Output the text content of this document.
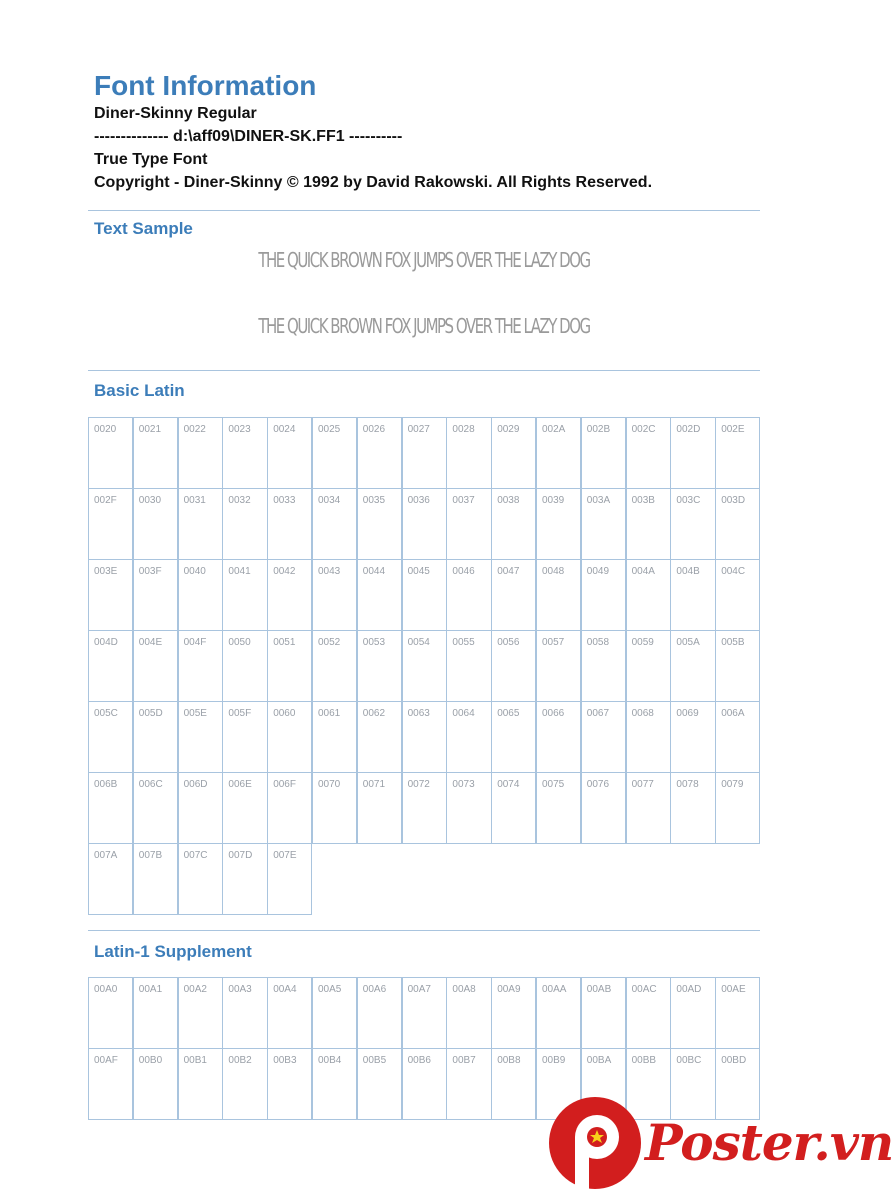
Font Information
Diner-Skinny Regular
-------------- d:\aff09\DINER-SK.FF1 ----------
True Type Font
Copyright - Diner-Skinny © 1992 by David Rakowski. All Rights Reserved.
Text Sample
THE QUICK BROWN FOX JUMPS OVER THE LAZY DOG
THE QUICK BROWN FOX JUMPS OVER THE LAZY DOG
Basic Latin
0020 0021 0022 0023 0024 0025 0026 0027 0028 0029 002A 002B 002C 002D 002E
002F 0030 0031 0032 0033 0034 0035 0036 0037 0038 0039 003A 003B 003C 003D
003E 003F 0040 0041 0042 0043 0044 0045 0046 0047 0048 0049 004A 004B 004C
004D 004E 004F 0050 0051 0052 0053 0054 0055 0056 0057 0058 0059 005A 005B
005C 005D 005E 005F 0060 0061 0062 0063 0064 0065 0066 0067 0068 0069 006A
006B 006C 006D 006E 006F 0070 0071 0072 0073 0074 0075 0076 0077 0078 0079
007A 007B 007C 007D 007E
Latin-1 Supplement
00A0 00A1 00A2 00A3 00A4 00A5 00A6 00A7 00A8 00A9 00AA 00AB 00AC 00AD 00AE
00AF 00B0 00B1 00B2 00B3 00B4 00B5 00B6 00B7 00B8 00B9 00BA 00BB 00BC 00BD
Poster.vn
